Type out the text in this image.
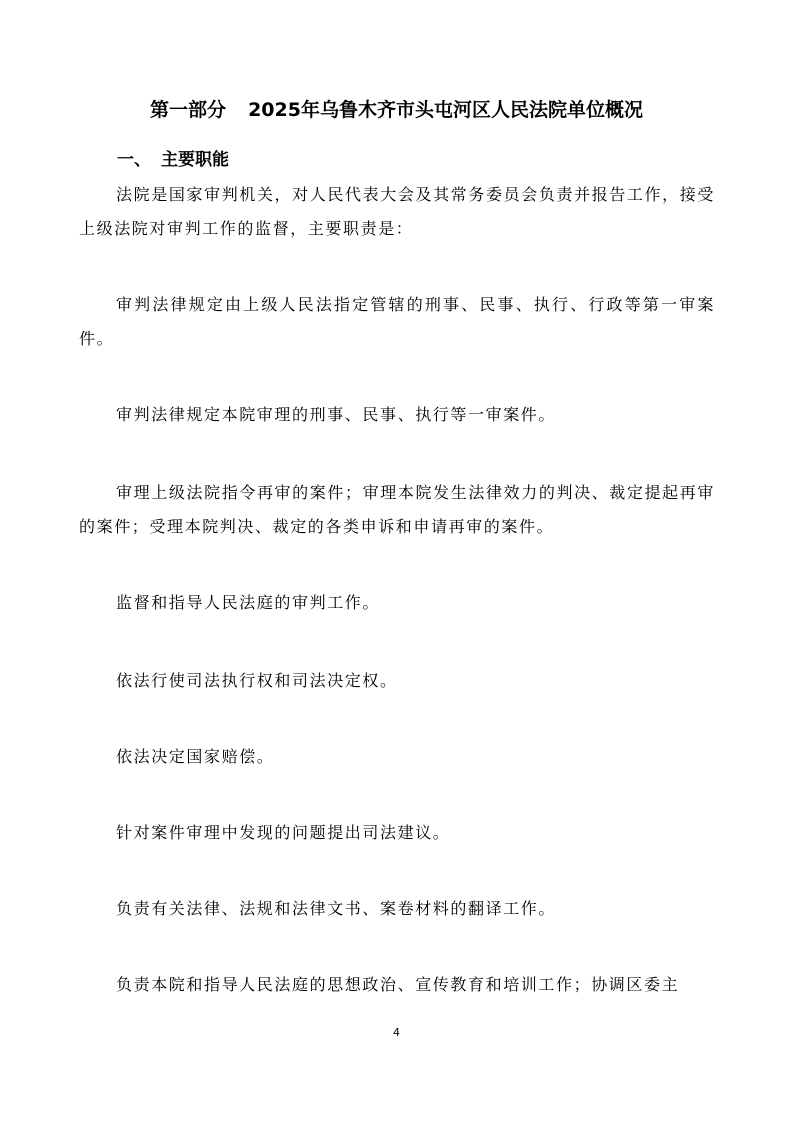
第一部分 2025年乌鲁木齐市头屯河区人民法院单位概况
一、 主要职能

法院是国家审判机关，对人民代表大会及其常务委员会负责并报告工作，接受上级法院对审判工作的监督，主要职责是：

审判法律规定由上级人民法指定管辖的刑事、民事、执行、行政等第一审案件。

审判法律规定本院审理的刑事、民事、执行等一审案件。

审理上级法院指令再审的案件；审理本院发生法律效力的判决、裁定提起再审的案件；受理本院判决、裁定的各类申诉和申请再审的案件。

监督和指导人民法庭的审判工作。

依法行使司法执行权和司法决定权。

依法决定国家赔偿。

针对案件审理中发现的问题提出司法建议。

负责有关法律、法规和法律文书、案卷材料的翻译工作。

负责本院和指导人民法庭的思想政治、宣传教育和培训工作；协调区委主

4
